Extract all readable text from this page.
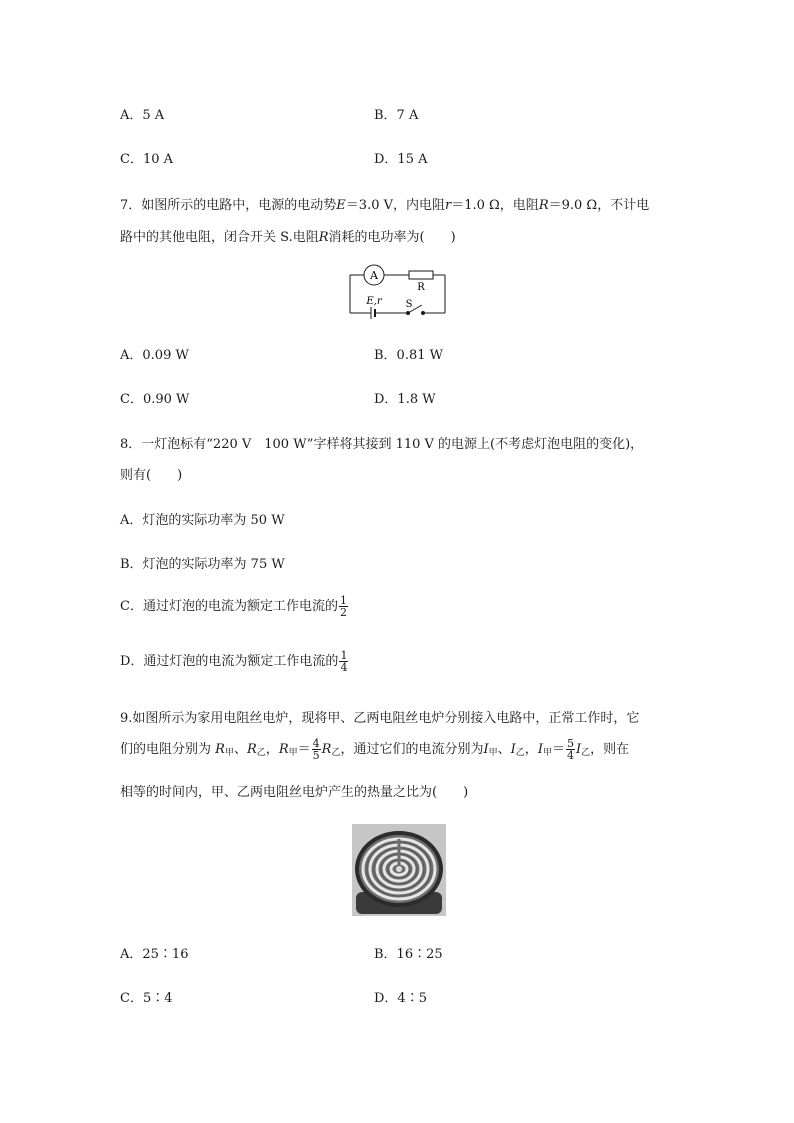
A．5 A	B．7 A
C．10 A	D．15 A
7．如图所示的电路中，电源的电动势E＝3.0 V，内电阻r＝1.0 Ω，电阻R＝9.0 Ω，不计电
路中的其他电阻，闭合开关 S.电阻R消耗的电功率为(　　)
A
R
E,r S
A．0.09 W	B．0.81 W
C．0.90 W	D．1.8 W
8．一灯泡标有“220 V　100 W”字样将其接到 110 V 的电源上(不考虑灯泡电阻的变化)，
则有(　　)
A．灯泡的实际功率为 50 W
B．灯泡的实际功率为 75 W
C．通过灯泡的电流为额定工作电流的 $\frac{1}{2}$
D．通过灯泡的电流为额定工作电流的 $\frac{1}{4}$
9.如图所示为家用电阻丝电炉，现将甲、乙两电阻丝电炉分别接入电路中，正常工作时，它
们的电阻分别为 $R_甲$、$R_乙$，$R_甲= \frac{4}{5} R_乙$，通过它们的电流分别为$I_甲$、$I_乙$，$I_甲= \frac{5}{4} I_乙$，则在
相等的时间内，甲、乙两电阻丝电炉产生的热量之比为(　　)
A．25∶16	B．16∶25
C．5∶4	D．4∶5
